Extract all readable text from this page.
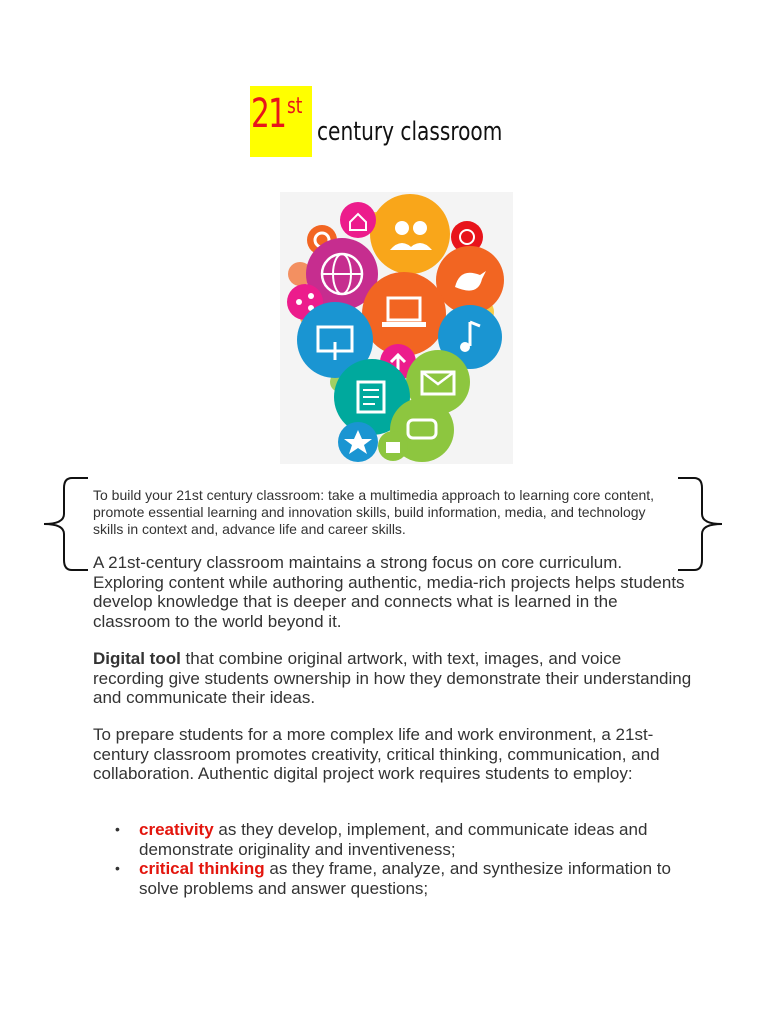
21 st
century classroom
To build your 21st century classroom: take a multimedia approach to learning core content, promote essential learning and innovation skills, build information, media, and technology skills in context and, advance life and career skills.
A 21st-century classroom maintains a strong focus on core curriculum. Exploring content while authoring authentic, media-rich projects helps students develop knowledge that is deeper and connects what is learned in the classroom to the world beyond it.
Digital tool that combine original artwork, with text, images, and voice recording give students ownership in how they demonstrate their understanding and communicate their ideas.
To prepare students for a more complex life and work environment, a 21st-century classroom promotes creativity, critical thinking, communication, and collaboration. Authentic digital project work requires students to employ:
• creativity as they develop, implement, and communicate ideas and demonstrate originality and inventiveness;
• critical thinking as they frame, analyze, and synthesize information to solve problems and answer questions;
